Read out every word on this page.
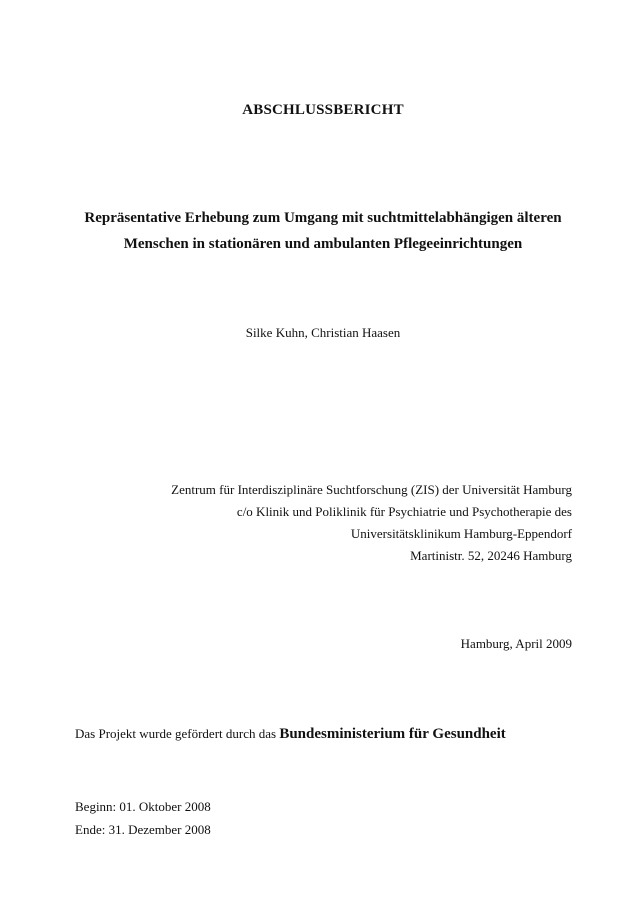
ABSCHLUSSBERICHT
Repräsentative Erhebung zum Umgang mit suchtmittelabhängigen älteren
Menschen in stationären und ambulanten Pflegeeinrichtungen
Silke Kuhn, Christian Haasen
Zentrum für Interdisziplinäre Suchtforschung (ZIS) der Universität Hamburg
c/o Klinik und Poliklinik für Psychiatrie und Psychotherapie des
Universitätsklinikum Hamburg-Eppendorf
Martinistr. 52, 20246 Hamburg
Hamburg, April 2009
Das Projekt wurde gefördert durch das Bundesministerium für Gesundheit
Beginn: 01. Oktober 2008
Ende: 31. Dezember 2008
